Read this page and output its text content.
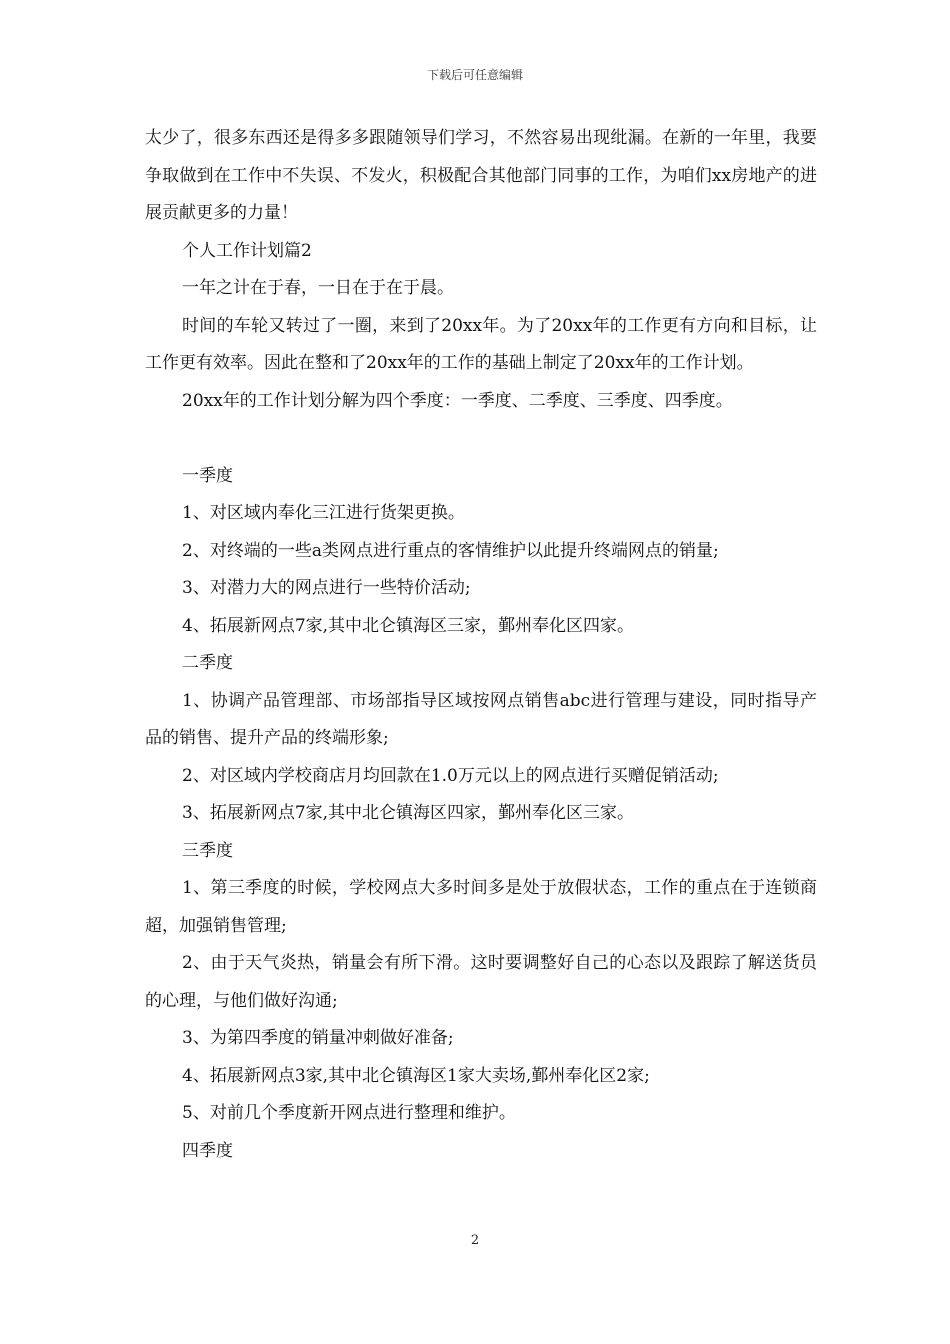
下载后可任意编辑

太少了，很多东西还是得多多跟随领导们学习，不然容易出现纰漏。在新的一年里，我要争取做到在工作中不失误、不发火，积极配合其他部门同事的工作，为咱们xx房地产的进展贡献更多的力量！

个人工作计划篇2

一年之计在于春，一日在于在于晨。

时间的车轮又转过了一圈，来到了20xx年。为了20xx年的工作更有方向和目标，让工作更有效率。因此在整和了20xx年的工作的基础上制定了20xx年的工作计划。

20xx年的工作计划分解为四个季度：一季度、二季度、三季度、四季度。

一季度

1、对区域内奉化三江进行货架更换。

2、对终端的一些a类网点进行重点的客情维护以此提升终端网点的销量;

3、对潜力大的网点进行一些特价活动;

4、拓展新网点7家,其中北仑镇海区三家，鄞州奉化区四家。

二季度

1、协调产品管理部、市场部指导区域按网点销售abc进行管理与建设，同时指导产品的销售、提升产品的终端形象;

2、对区域内学校商店月均回款在1.0万元以上的网点进行买赠促销活动;

3、拓展新网点7家,其中北仑镇海区四家，鄞州奉化区三家。

三季度

1、第三季度的时候，学校网点大多时间多是处于放假状态，工作的重点在于连锁商超，加强销售管理;

2、由于天气炎热，销量会有所下滑。这时要调整好自己的心态以及跟踪了解送货员的心理，与他们做好沟通;

3、为第四季度的销量冲刺做好准备;

4、拓展新网点3家,其中北仑镇海区1家大卖场,鄞州奉化区2家;

5、对前几个季度新开网点进行整理和维护。

四季度

2
